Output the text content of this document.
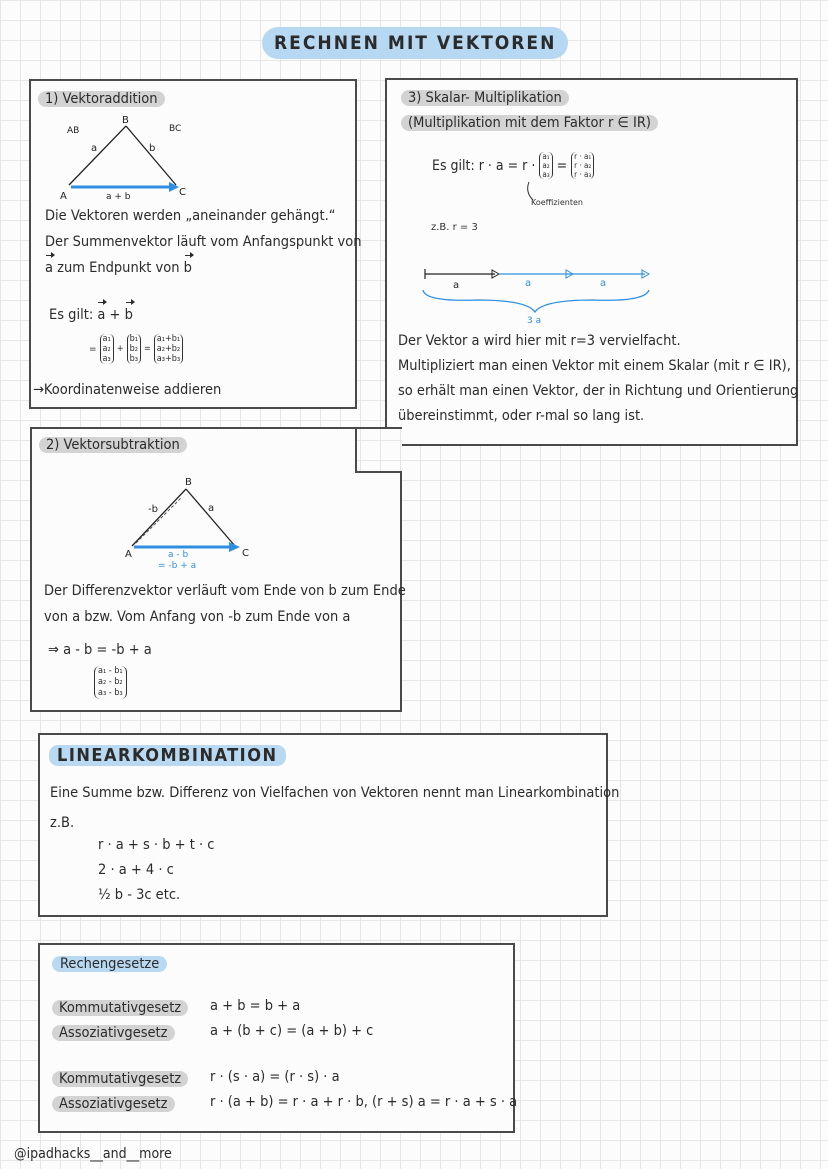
RECHNEN MIT VEKTOREN
1) Vektoraddition
A
B
C
AB	BC
a	b
a + b
Die Vektoren werden „aneinander gehängt.“
Der Summenvektor läuft vom Anfangspunkt von
a zum Endpunkt von b
Es gilt: a + b
=
a₁
a₂
a₃
+
b₁
b₂
b₃
=
a₁+b₁
a₂+b₂
a₃+b₃
→Koordinatenweise addieren
3) Skalar- Multiplikation
(Multiplikation mit dem Faktor r ∈ IR)
Es gilt: r · a = r ·
a₁
a₂
a₃
=
r · a₁
r · a₂
r · a₃
Koeffizienten
z.B. r = 3
a	a	a
3 a
Der Vektor a wird hier mit r=3 vervielfacht.
Multipliziert man einen Vektor mit einem Skalar (mit r ∈ IR),
so erhält man einen Vektor, der in Richtung und Orientierung
übereinstimmt, oder r-mal so lang ist.
2) Vektorsubtraktion
A
B
C
-b	a
a - b
= -b + a
Der Differenzvektor verläuft vom Ende von b zum Ende
von a bzw. Vom Anfang von -b zum Ende von a
⇒ a - b = -b + a
a₁ - b₁
a₂ - b₂
a₃ - b₃
LINEARKOMBINATION
Eine Summe bzw. Differenz von Vielfachen von Vektoren nennt man Linearkombination
z.B.
r · a + s · b + t · c
2 · a + 4 · c
½ b - 3c etc.
Rechengesetze
Kommutativgesetz	a + b = b + a
Assoziativgesetz	a + (b + c) = (a + b) + c
Kommutativgesetz	r · (s · a) = (r · s) · a
Assoziativgesetz	r · (a + b) = r · a + r · b, (r + s) a = r · a + s · a
@ipadhacks__and__more
